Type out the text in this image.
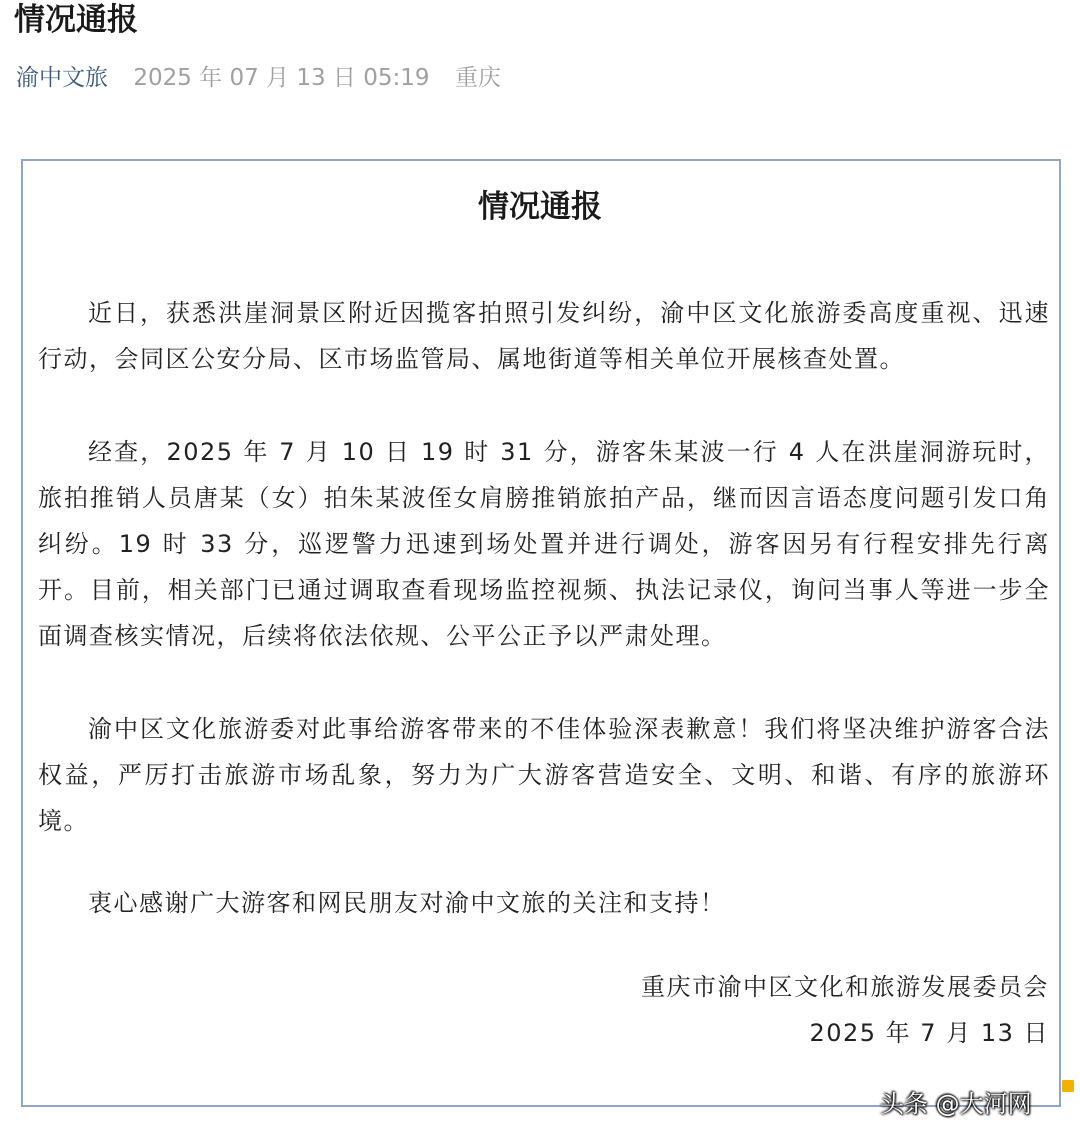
情况通报
渝中文旅 2025 年 07 月 13 日 05:19 重庆
情况通报

近日，获悉洪崖洞景区附近因揽客拍照引发纠纷，渝中区文化旅游委高度重视、迅速行动，会同区公安分局、区市场监管局、属地街道等相关单位开展核查处置。

经查，2025 年 7 月 10 日 19 时 31 分，游客朱某波一行 4 人在洪崖洞游玩时，旅拍推销人员唐某（女）拍朱某波侄女肩膀推销旅拍产品，继而因言语态度问题引发口角纠纷。19 时 33 分，巡逻警力迅速到场处置并进行调处，游客因另有行程安排先行离开。目前，相关部门已通过调取查看现场监控视频、执法记录仪，询问当事人等进一步全面调查核实情况，后续将依法依规、公平公正予以严肃处理。

渝中区文化旅游委对此事给游客带来的不佳体验深表歉意！我们将坚决维护游客合法权益，严厉打击旅游市场乱象，努力为广大游客营造安全、文明、和谐、有序的旅游环境。

衷心感谢广大游客和网民朋友对渝中文旅的关注和支持！

重庆市渝中区文化和旅游发展委员会
2025 年 7 月 13 日
头条 @大河网
